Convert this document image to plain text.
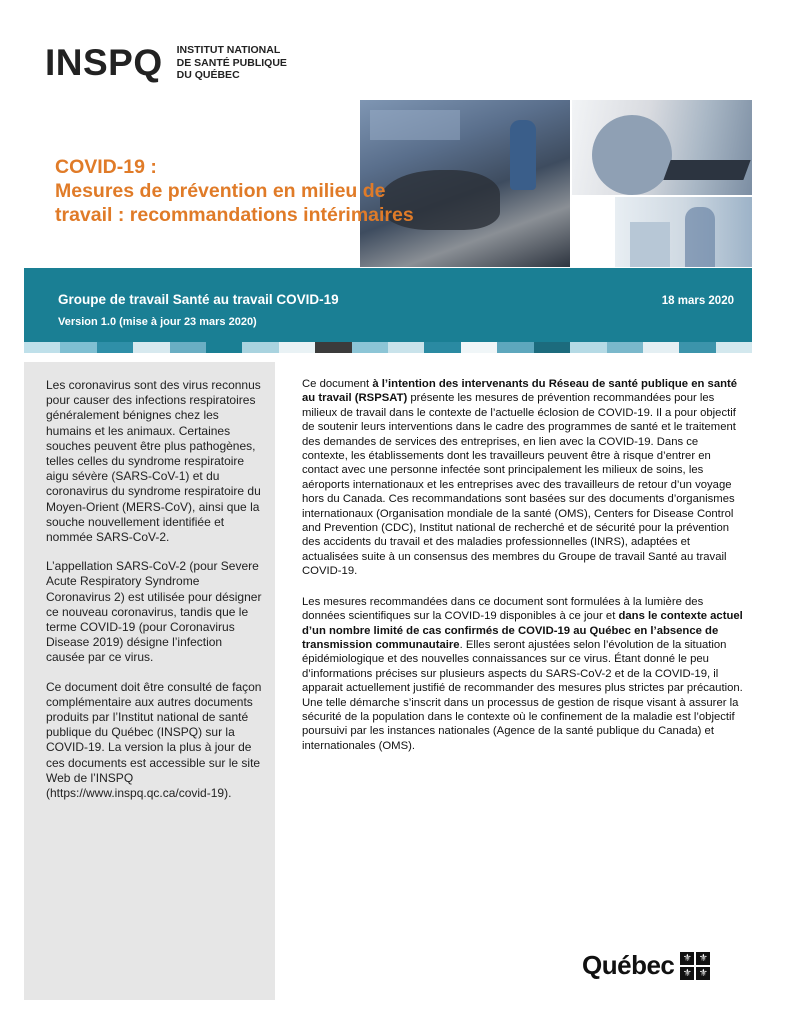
INSPQ INSTITUT NATIONAL
DE SANTÉ PUBLIQUE
DU QUÉBEC
COVID-19 :
Mesures de prévention en milieu de
travail : recommandations intérimaires
Groupe de travail Santé au travail COVID-19
Version 1.0 (mise à jour 23 mars 2020)
18 mars 2020

Les coronavirus sont des virus reconnus pour causer des infections respiratoires généralement bénignes chez les humains et les animaux. Certaines souches peuvent être plus pathogènes, telles celles du syndrome respiratoire aigu sévère (SARS-CoV-1) et du coronavirus du syndrome respiratoire du Moyen-Orient (MERS-CoV), ainsi que la souche nouvellement identifiée et nommée SARS-CoV-2.

L’appellation SARS-CoV-2 (pour Severe Acute Respiratory Syndrome Coronavirus 2) est utilisée pour désigner ce nouveau coronavirus, tandis que le terme COVID-19 (pour Coronavirus Disease 2019) désigne l’infection causée par ce virus.

Ce document doit être consulté de façon complémentaire aux autres documents produits par l’Institut national de santé publique du Québec (INSPQ) sur la COVID-19. La version la plus à jour de ces documents est accessible sur le site Web de l’INSPQ (https://www.inspq.qc.ca/covid-19).

Ce document à l’intention des intervenants du Réseau de santé publique en santé au travail (RSPSAT) présente les mesures de prévention recommandées pour les milieux de travail dans le contexte de l’actuelle éclosion de COVID-19. Il a pour objectif de soutenir leurs interventions dans le cadre des programmes de santé et le traitement des demandes de services des entreprises, en lien avec la COVID-19. Dans ce contexte, les établissements dont les travailleurs peuvent être à risque d’entrer en contact avec une personne infectée sont principalement les milieux de soins, les aéroports internationaux et les entreprises avec des travailleurs de retour d’un voyage hors du Canada. Ces recommandations sont basées sur des documents d’organismes internationaux (Organisation mondiale de la santé (OMS), Centers for Disease Control and Prevention (CDC), Institut national de recherché et de sécurité pour la prévention des accidents du travail et des maladies professionnelles (INRS), adaptées et actualisées suite à un consensus des membres du Groupe de travail Santé au travail COVID-19.

Les mesures recommandées dans ce document sont formulées à la lumière des données scientifiques sur la COVID-19 disponibles à ce jour et dans le contexte actuel d’un nombre limité de cas confirmés de COVID-19 au Québec en l’absence de transmission communautaire. Elles seront ajustées selon l’évolution de la situation épidémiologique et des nouvelles connaissances sur ce virus. Étant donné le peu d’informations précises sur plusieurs aspects du SARS-CoV-2 et de la COVID-19, il apparait actuellement justifié de recommander des mesures plus strictes par précaution. Une telle démarche s’inscrit dans un processus de gestion de risque visant à assurer la sécurité de la population dans le contexte où le confinement de la maladie est l’objectif poursuivi par les instances nationales (Agence de la santé publique du Canada) et internationales (OMS).

Québec ⚜ ⚜
⚜ ⚜
